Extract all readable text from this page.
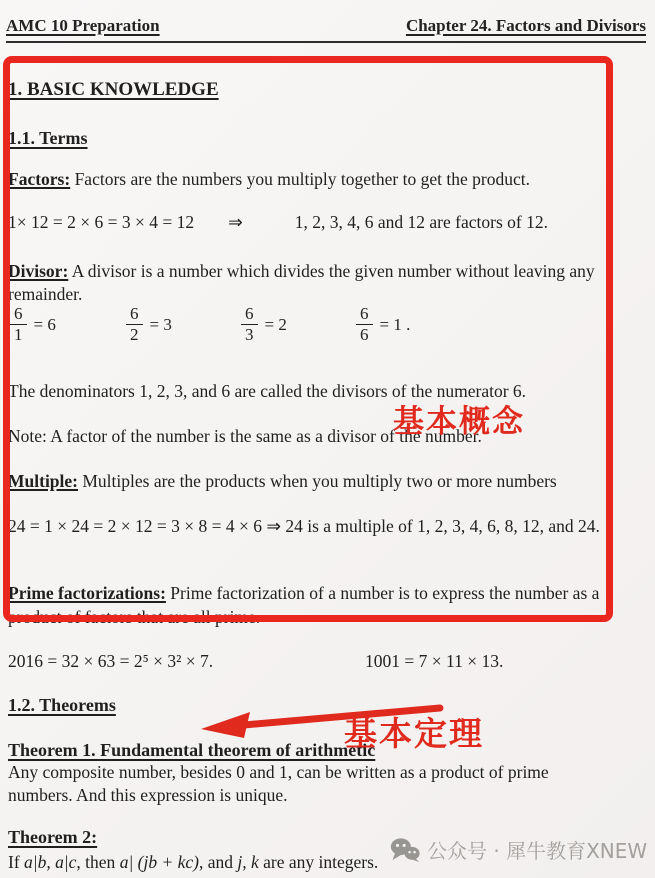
AMC 10 Preparation	Chapter 24. Factors and Divisors
1. BASIC KNOWLEDGE
1.1. Terms
Factors: Factors are the numbers you multiply together to get the product.
1× 12 = 2 × 6 = 3 × 4 = 12 ⇒	1, 2, 3, 4, 6 and 12 are factors of 12.
Divisor: A divisor is a number which divides the given number without leaving any remainder.
$\frac{6}{1} = 6$	$\frac{6}{2} = 3$	$\frac{6}{3} = 2$	$\frac{6}{6} = 1$ .
The denominators 1, 2, 3, and 6 are called the divisors of the numerator 6.
Note: A factor of the number is the same as a divisor of the number.
基本概念
Multiple: Multiples are the products when you multiply two or more numbers
24 = 1 × 24 = 2 × 12 = 3 × 8 = 4 × 6 ⇒ 24 is a multiple of 1, 2, 3, 4, 6, 8, 12, and 24.
Prime factorizations: Prime factorization of a number is to express the number as a product of factors that are all prime.
2016 = 32 × 63 = 2⁵ × 3² × 7.	1001 = 7 × 11 × 13.
1.2. Theorems
基本定理
Theorem 1. Fundamental theorem of arithmetic
Any composite number, besides 0 and 1, can be written as a product of prime numbers. And this expression is unique.
Theorem 2:
If a|b, a|c, then a| (jb + kc), and j, k are any integers.	公众号 · 犀牛教育XNEW
